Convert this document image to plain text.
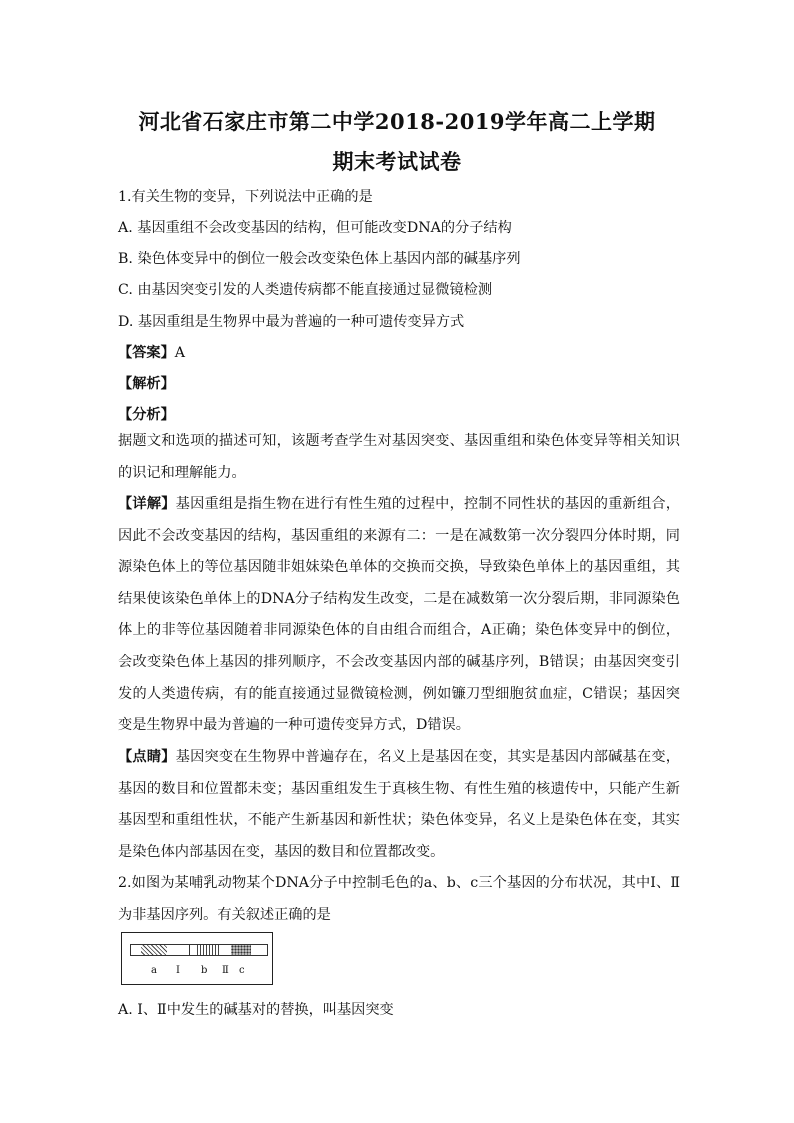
河北省石家庄市第二中学2018-2019学年高二上学期
期末考试试卷
1.有关生物的变异，下列说法中正确的是
A. 基因重组不会改变基因的结构，但可能改变DNA的分子结构
B. 染色体变异中的倒位一般会改变染色体上基因内部的碱基序列
C. 由基因突变引发的人类遗传病都不能直接通过显微镜检测
D. 基因重组是生物界中最为普遍的一种可遗传变异方式
【答案】A
【解析】
【分析】
据题文和选项的描述可知，该题考查学生对基因突变、基因重组和染色体变异等相关知识的识记和理解能力。
【详解】基因重组是指生物在进行有性生殖的过程中，控制不同性状的基因的重新组合，因此不会改变基因的结构，基因重组的来源有二：一是在减数第一次分裂四分体时期，同源染色体上的等位基因随非姐妹染色单体的交换而交换，导致染色单体上的基因重组，其结果使该染色单体上的DNA分子结构发生改变，二是在减数第一次分裂后期，非同源染色体上的非等位基因随着非同源染色体的自由组合而组合，A正确；染色体变异中的倒位，会改变染色体上基因的排列顺序，不会改变基因内部的碱基序列，B错误；由基因突变引发的人类遗传病，有的能直接通过显微镜检测，例如镰刀型细胞贫血症，C错误；基因突变是生物界中最为普遍的一种可遗传变异方式，D错误。
【点睛】基因突变在生物界中普遍存在，名义上是基因在变，其实是基因内部碱基在变，基因的数目和位置都未变；基因重组发生于真核生物、有性生殖的核遗传中，只能产生新基因型和重组性状，不能产生新基因和新性状；染色体变异，名义上是染色体在变，其实是染色体内部基因在变，基因的数目和位置都改变。
2.如图为某哺乳动物某个DNA分子中控制毛色的a、b、c三个基因的分布状况，其中Ⅰ、Ⅱ为非基因序列。有关叙述正确的是
a Ⅰ b Ⅱ c
A. Ⅰ、Ⅱ中发生的碱基对的替换，叫基因突变
